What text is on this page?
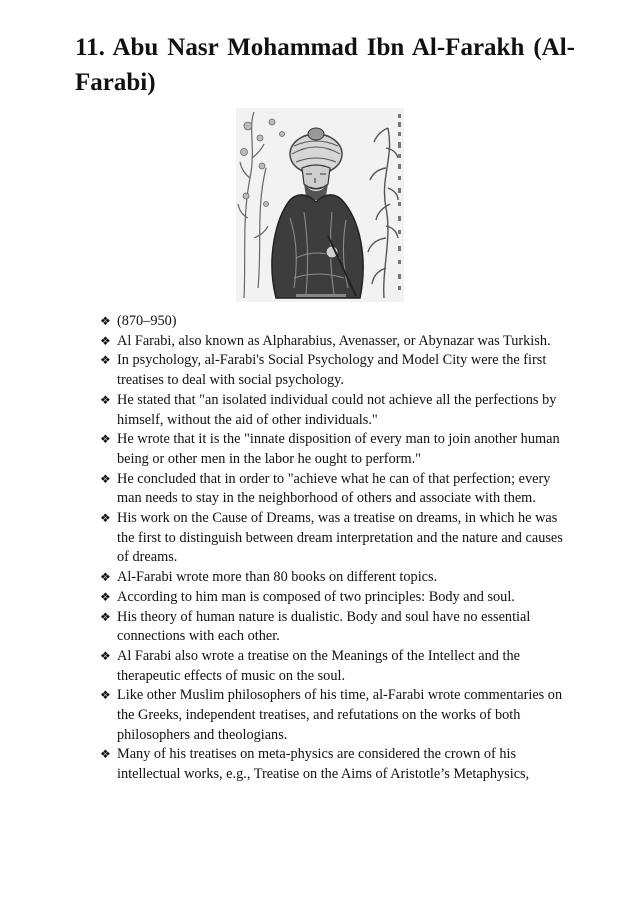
11. Abu Nasr Mohammad Ibn Al-Farakh (Al-Farabi)
❖ (870–950)
❖ Al Farabi, also known as Alpharabius, Avenasser, or Abynazar was Turkish.
❖ In psychology, al-Farabi's Social Psychology and Model City were the first treatises to deal with social psychology.
❖ He stated that "an isolated individual could not achieve all the perfections by himself, without the aid of other individuals."
❖ He wrote that it is the "innate disposition of every man to join another human being or other men in the labor he ought to perform."
❖ He concluded that in order to "achieve what he can of that perfection; every man needs to stay in the neighborhood of others and associate with them.
❖ His work on the Cause of Dreams, was a treatise on dreams, in which he was the first to distinguish between dream interpretation and the nature and causes of dreams.
❖ Al-Farabi wrote more than 80 books on different topics.
❖ According to him man is composed of two principles: Body and soul.
❖ His theory of human nature is dualistic. Body and soul have no essential connections with each other.
❖ Al Farabi also wrote a treatise on the Meanings of the Intellect and the therapeutic effects of music on the soul.
❖ Like other Muslim philosophers of his time, al-Farabi wrote commentaries on the Greeks, independent treatises, and refutations on the works of both philosophers and theologians.
❖ Many of his treatises on meta-physics are considered the crown of his intellectual works, e.g., Treatise on the Aims of Aristotle’s Metaphysics,
